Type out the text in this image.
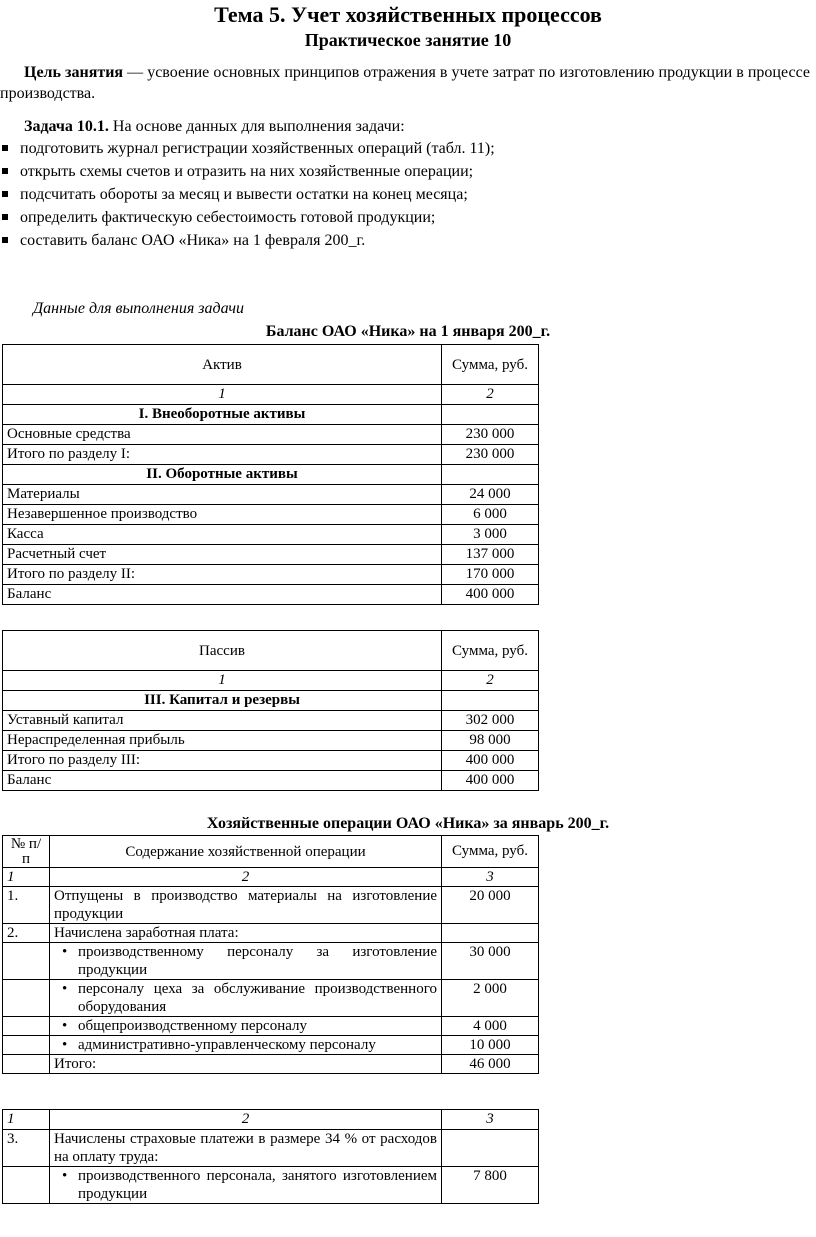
Тема 5. Учет хозяйственных процессов
Практическое занятие 10
Цель занятия — усвоение основных принципов отражения в учете затрат по изготовлению продукции в процессе производства.
Задача 10.1. На основе данных для выполнения задачи:
подготовить журнал регистрации хозяйственных операций (табл. 11);
открыть схемы счетов и отразить на них хозяйственные операции;
подсчитать обороты за месяц и вывести остатки на конец месяца;
определить фактическую себестоимость готовой продукции;
составить баланс ОАО «Ника» на 1 февраля 200_г.
Данные для выполнения задачи
Баланс ОАО «Ника» на 1 января 200_г.
Актив	Сумма, руб.
1	2
I. Внеоборотные активы	
Основные средства	230 000
Итого по разделу I:	230 000
II. Оборотные активы	
Материалы	24 000
Незавершенное производство	6 000
Касса	3 000
Расчетный счет	137 000
Итого по разделу II:	170 000
Баланс	400 000
Пассив	Сумма, руб.
1	2
III. Капитал и резервы	
Уставный капитал	302 000
Нераспределенная прибыль	98 000
Итого по разделу III:	400 000
Баланс	400 000
Хозяйственные операции ОАО «Ника» за январь 200_г.
№ п/п	Содержание хозяйственной операции	Сумма, руб.
1	2	3
1.	Отпущены в производство материалы на изготовление продукции	20 000
2.	Начислена заработная плата:	
	• производственному персоналу за изготовление продукции	30 000
	• персоналу цеха за обслуживание производственного оборудования	2 000
	• общепроизводственному персоналу	4 000
	• административно-управленческому персоналу	10 000
	Итого:	46 000
1	2	3
3.	Начислены страховые платежи в размере 34 % от расходов на оплату труда:	
	• производственного персонала, занятого изготовлением продукции	7 800
